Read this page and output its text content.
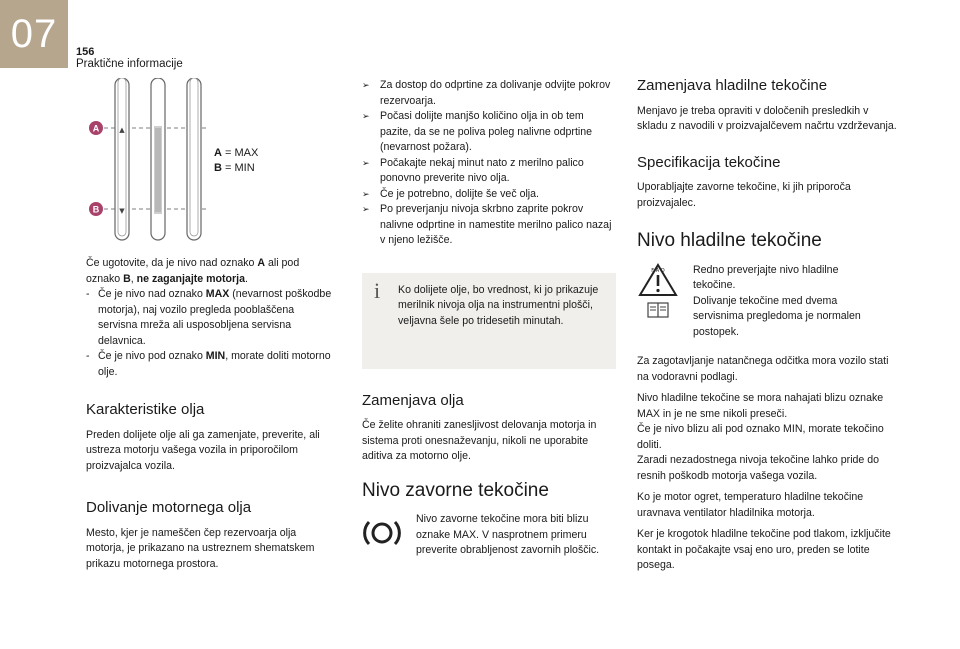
07 156
Praktične informacije
▲
▼
A
B
A = MAX
B = MIN

Če ugotovite, da je nivo nad oznako A ali pod oznako B, ne zaganjajte motorja.

- Če je nivo nad oznako MAX (nevarnost poškodbe motorja), naj vozilo pregleda pooblaščena servisna mreža ali usposobljena servisna delavnica.
- Če je nivo pod oznako MIN, morate doliti motorno olje.
Karakteristike olja

Preden dolijete olje ali ga zamenjate, preverite, ali ustreza motorju vašega vozila in priporočilom proizvajalca vozila.

Dolivanje motornega olja

Mesto, kjer je nameščen čep rezervoarja olja motorja, je prikazano na ustreznem shematskem prikazu motornega prostora.

➢ Za dostop do odprtine za dolivanje odvijte pokrov rezervoarja.
➢ Počasi dolijte manjšo količino olja in ob tem pazite, da se ne poliva poleg nalivne odprtine (nevarnost požara).
➢ Počakajte nekaj minut nato z merilno palico ponovno preverite nivo olja.
➢ Če je potrebno, dolijte še več olja.
➢ Po preverjanju nivoja skrbno zaprite pokrov nalivne odprtine in namestite merilno palico nazaj v njeno ležišče.
i Ko dolijete olje, bo vrednost, ki jo prikazuje merilnik nivoja olja na instrumentni plošči, veljavna šele po tridesetih minutah.
Zamenjava olja

Če želite ohraniti zanesljivost delovanja motorja in sistema proti onesnaževanju, nikoli ne uporabite aditiva za motorno olje.

Nivo zavorne tekočine

Nivo zavorne tekočine mora biti blizu oznake MAX. V nasprotnem primeru preverite obrabljenost zavornih ploščic.

Zamenjava hladilne tekočine

Menjavo je treba opraviti v določenih presledkih v skladu z navodili v proizvajalčevem načrtu vzdrževanja.

Specifikacija tekočine

Uporabljajte zavorne tekočine, ki jih priporoča proizvajalec.

Nivo hladilne tekočine
F A O
	Redno preverjajte nivo hladilne tekočine.
Dolivanje tekočine med dvema servisnima pregledoma je normalen postopek.

Za zagotavljanje natančnega odčitka mora vozilo stati na vodoravni podlagi.

Nivo hladilne tekočine se mora nahajati blizu oznake MAX in je ne sme nikoli preseči.
Če je nivo blizu ali pod oznako MIN, morate tekočino doliti.
Zaradi nezadostnega nivoja tekočine lahko pride do resnih poškodb motorja vašega vozila.

Ko je motor ogret, temperaturo hladilne tekočine uravnava ventilator hladilnika motorja.

Ker je krogotok hladilne tekočine pod tlakom, izključite kontakt in počakajte vsaj eno uro, preden se lotite posega.
